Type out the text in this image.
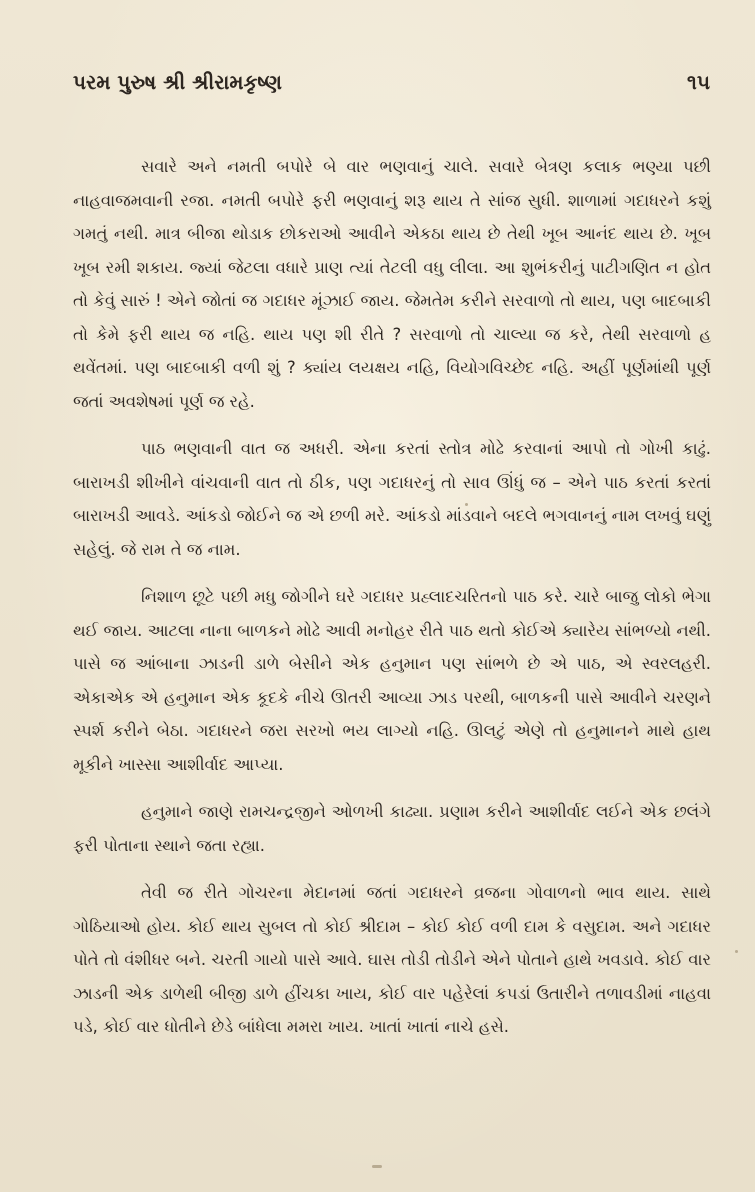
પરમ પુરુષ શ્રી શ્રીરામકૃષ્ણ	૧૫

સવારે અને નમતી બપોરે બે વાર ભણવાનું ચાલે. સવારે બેત્રણ કલાક ભણ્યા પછી નાહવાજમવાની રજા. નમતી બપોરે ફરી ભણવાનું શરૂ થાય તે સાંજ સુધી. શાળામાં ગદાધરને કશું ગમતું નથી. માત્ર બીજા થોડાક છોકરાઓ આવીને એકઠા થાય છે તેથી ખૂબ આનંદ થાય છે. ખૂબ ખૂબ રમી શકાય. જ્યાં જેટલા વધારે પ્રાણ ત્યાં તેટલી વધુ લીલા. આ શુભંકરીનું પાટીગણિત ન હોત તો કેવું સારું ! એને જોતાં જ ગદાધર મૂંઝાઈ જાય. જેમતેમ કરીને સરવાળો તો થાય, પણ બાદબાકી તો કેમે ફરી થાય જ નહિ. થાય પણ શી રીતે ? સરવાળો તો ચાલ્યા જ કરે, તેથી સરવાળો હ થવેંતમાં. પણ બાદબાકી વળી શું ? ક્યાંય લયક્ષય નહિ, વિયોગવિચ્છેદ નહિ. અહીં પૂર્ણમાંથી પૂર્ણ જતાં અવશેષમાં પૂર્ણ જ રહે.

પાઠ ભણવાની વાત જ અધરી. એના કરતાં સ્તોત્ર મોઢે કરવાનાં આપો તો ગોખી કાઢું. બારાખડી શીખીને વાંચવાની વાત તો ઠીક, પણ ગદાધરનું તો સાવ ઊંધું જ – એને પાઠ કરતાં કરતાં બારાખડી આવડે. આંકડો જોઈને જ એ છળી મરે. આંકડો માંડવાને બદલે ભગવાનનું નામ લખવું ઘણું સહેલું. જે રામ તે જ નામ.

નિશાળ છૂટે પછી મધુ જોગીને ઘરે ગદાધર પ્રહ્લાદચરિતનો પાઠ કરે. ચારે બાજુ લોકો ભેગા થઈ જાય. આટલા નાના બાળકને મોઢે આવી મનોહર રીતે પાઠ થતો કોઈએ ક્યારેય સાંભળ્યો નથી. પાસે જ આંબાના ઝાડની ડાળે બેસીને એક હનુમાન પણ સાંભળે છે એ પાઠ, એ સ્વરલહરી. એકાએક એ હનુમાન એક કૂદકે નીચે ઊતરી આવ્યા ઝાડ પરથી, બાળકની પાસે આવીને ચરણને સ્પર્શ કરીને બેઠા. ગદાધરને જરા સરખો ભય લાગ્યો નહિ. ઊલટું એણે તો હનુમાનને માથે હાથ મૂકીને ખાસ્સા આશીર્વાદ આપ્યા.

હનુમાને જાણે રામચન્દ્રજીને ઓળખી કાઢ્યા. પ્રણામ કરીને આશીર્વાદ લઈને એક છલંગે ફરી પોતાના સ્થાને જતા રહ્યા.

તેવી જ રીતે ગોચરના મેદાનમાં જતાં ગદાધરને વ્રજના ગોવાળનો ભાવ થાય. સાથે ગોઠિયાઓ હોય. કોઈ થાય સુબલ તો કોઈ શ્રીદામ – કોઈ કોઈ વળી દામ કે વસુદામ. અને ગદાધર પોતે તો વંશીધર બને. ચરતી ગાયો પાસે આવે. ઘાસ તોડી તોડીને એને પોતાને હાથે ખવડાવે. કોઈ વાર ઝાડની એક ડાળેથી બીજી ડાળે હીંચકા ખાય, કોઈ વાર પહેરેલાં કપડાં ઉતારીને તળાવડીમાં નાહવા પડે, કોઈ વાર ધોતીને છેડે બાંધેલા મમરા ખાય. ખાતાં ખાતાં નાચે હસે.
